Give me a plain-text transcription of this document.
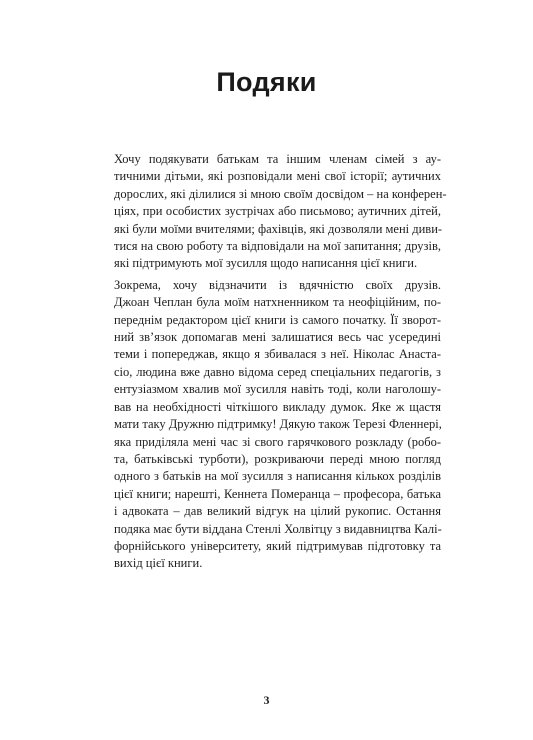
Подяки

Хочу подякувати батькам та іншим членам сімей з ау-
тичними дітьми, які розповідали мені свої історії; аутичних
дорослих, які ділилися зі мною своїм досвідом – на конферен-
ціях, при особистих зустрічах або письмово; аутичних дітей,
які були моїми вчителями; фахівців, які дозволяли мені диви-
тися на свою роботу та відповідали на мої запитання; друзів,
які підтримують мої зусилля щодо написання цієї книги.

Зокрема, хочу відзначити із вдячністю своїх друзів.
Джоан Чеплан була моїм натхненником та неофіційним, по-
переднім редактором цієї книги із самого початку. Її зворот-
ний зв’язок допомагав мені залишатися весь час усередині
теми і попереджав, якщо я збивалася з неї. Ніколас Анаста-
сіо, людина вже давно відома серед спеціальних педагогів, з
ентузіазмом хвалив мої зусилля навіть тоді, коли наголошу-
вав на необхідності чіткішого викладу думок. Яке ж щастя
мати таку Дружню підтримку! Дякую також Терезі Фленнері,
яка приділяла мені час зі свого гарячкового розкладу (робо-
та, батьківські турботи), розкриваючи переді мною погляд
одного з батьків на мої зусилля з написання кількох розділів
цієї книги; нарешті, Кеннета Померанца – професора, батька
і адвоката – дав великий відгук на цілий рукопис. Остання
подяка має бути віддана Стенлі Холвітцу з видавництва Калі-
форнійського університету, який підтримував підготовку та
вихід цієї книги.

3
